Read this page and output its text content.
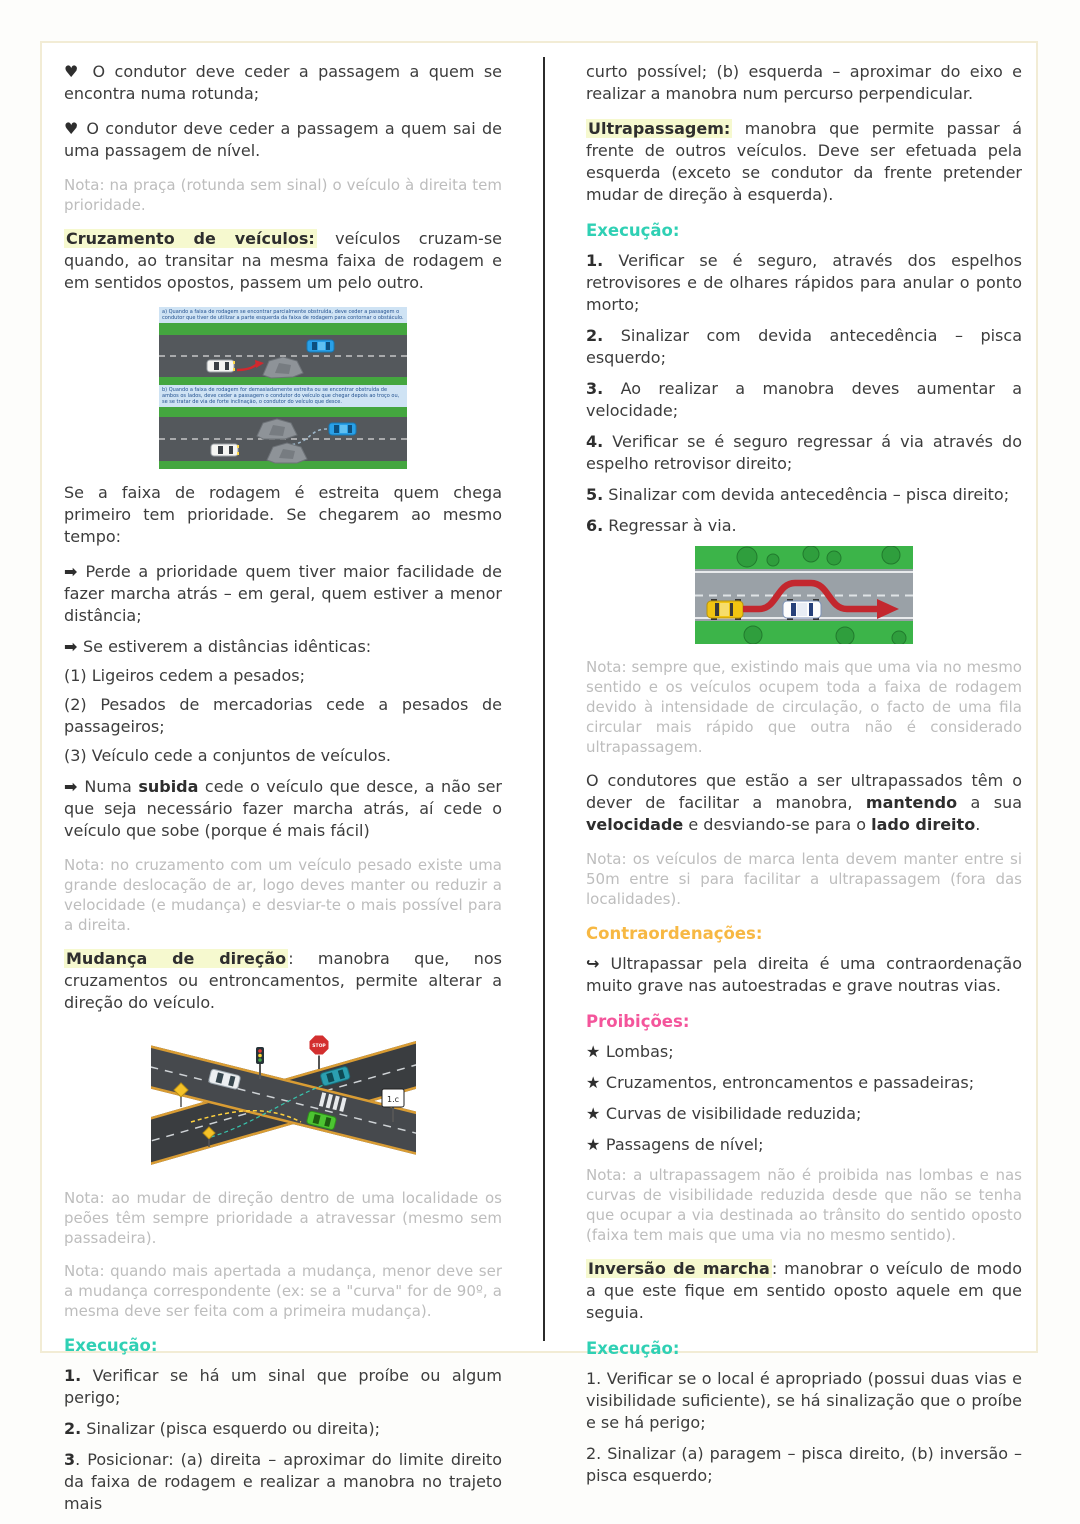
♥ O condutor deve ceder a passagem a quem se encontra numa rotunda;

♥ O condutor deve ceder a passagem a quem sai de uma passagem de nível.

Nota: na praça (rotunda sem sinal) o veículo à direita tem prioridade.

Cruzamento de veículos: veículos cruzam-se quando, ao transitar na mesma faixa de rodagem e em sentidos opostos, passem um pelo outro.

a) Quando a faixa de rodagem se encontrar parcialmente obstruída, deve ceder a passagem o condutor que tiver de utilizar a parte esquerda da faixa de rodagem para contornar o obstáculo.
b) Quando a faixa de rodagem for demasiadamente estreita ou se encontrar obstruída de ambos os lados, deve ceder a passagem o condutor do veículo que chegar depois ao troço ou, se se tratar de via de forte inclinação, o condutor do veículo que desce.

Se a faixa de rodagem é estreita quem chega primeiro tem prioridade. Se chegarem ao mesmo tempo:

➡ Perde a prioridade quem tiver maior facilidade de fazer marcha atrás – em geral, quem estiver a menor distância;

➡ Se estiverem a distâncias idênticas:

(1) Ligeiros cedem a pesados;

(2) Pesados de mercadorias cede a pesados de passageiros;

(3) Veículo cede a conjuntos de veículos.

➡ Numa subida cede o veículo que desce, a não ser que seja necessário fazer marcha atrás, aí cede o veículo que sobe (porque é mais fácil)

Nota: no cruzamento com um veículo pesado existe uma grande deslocação de ar, logo deves manter ou reduzir a velocidade (e mudança) e desviar-te o mais possível para a direita.

Mudança de direção : manobra que, nos cruzamentos ou entroncamentos, permite alterar a direção do veículo.

STOP
1.c

Nota: ao mudar de direção dentro de uma localidade os peões têm sempre prioridade a atravessar (mesmo sem passadeira).

Nota: quando mais apertada a mudança, menor deve ser a mudança correspondente (ex: se a "curva" for de 90º, a mesma deve ser feita com a primeira mudança).

Execução:

1. Verificar se há um sinal que proíbe ou algum perigo;

2. Sinalizar (pisca esquerdo ou direita);

3. Posicionar: (a) direita – aproximar do limite direito da faixa de rodagem e realizar a manobra no trajeto mais

curto possível; (b) esquerda – aproximar do eixo e realizar a manobra num percurso perpendicular.

Ultrapassagem: manobra que permite passar á frente de outros veículos. Deve ser efetuada pela esquerda (exceto se condutor da frente pretender mudar de direção à esquerda).

Execução:

1. Verificar se é seguro, através dos espelhos retrovisores e de olhares rápidos para anular o ponto morto;

2. Sinalizar com devida antecedência – pisca esquerdo;

3. Ao realizar a manobra deves aumentar a velocidade;

4. Verificar se é seguro regressar á via através do espelho retrovisor direito;

5. Sinalizar com devida antecedência – pisca direito;

6. Regressar à via.

Nota: sempre que, existindo mais que uma via no mesmo sentido e os veículos ocupem toda a faixa de rodagem devido à intensidade de circulação, o facto de uma fila circular mais rápido que outra não é considerado ultrapassagem.

O condutores que estão a ser ultrapassados têm o dever de facilitar a manobra, mantendo a sua velocidade e desviando-se para o lado direito.

Nota: os veículos de marca lenta devem manter entre si 50m entre si para facilitar a ultrapassagem (fora das localidades).

Contraordenações:

↪ Ultrapassar pela direita é uma contraordenação muito grave nas autoestradas e grave noutras vias.

Proibições:

★ Lombas;

★ Cruzamentos, entroncamentos e passadeiras;

★ Curvas de visibilidade reduzida;

★ Passagens de nível;

Nota: a ultrapassagem não é proibida nas lombas e nas curvas de visibilidade reduzida desde que não se tenha que ocupar a via destinada ao trânsito do sentido oposto (faixa tem mais que uma via no mesmo sentido).

Inversão de marcha : manobrar o veículo de modo a que este fique em sentido oposto aquele em que seguia.

Execução:

1. Verificar se o local é apropriado (possui duas vias e visibilidade suficiente), se há sinalização que o proíbe e se há perigo;

2. Sinalizar (a) paragem – pisca direito, (b) inversão – pisca esquerdo;
